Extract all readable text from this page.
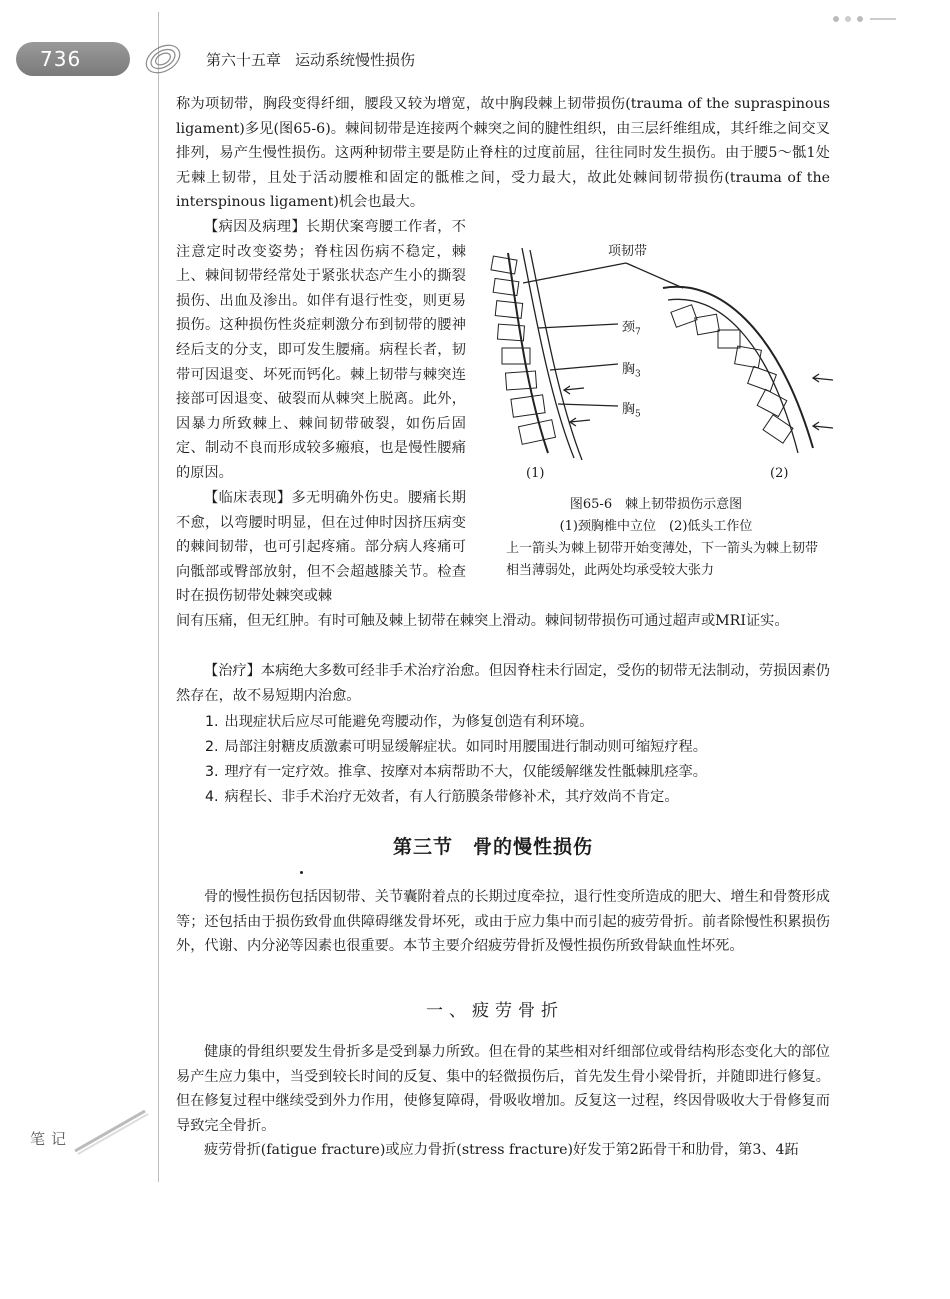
736	第六十五章 运动系统慢性损伤

称为项韧带，胸段变得纤细，腰段又较为增宽，故中胸段棘上韧带损伤(trauma of the supraspinous ligament)多见(图65-6)。棘间韧带是连接两个棘突之间的腱性组织，由三层纤维组成，其纤维之间交叉排列，易产生慢性损伤。这两种韧带主要是防止脊柱的过度前屈，往往同时发生损伤。由于腰5～骶1处无棘上韧带，且处于活动腰椎和固定的骶椎之间，受力最大，故此处棘间韧带损伤(trauma of the interspinous ligament)机会也最大。

【病因及病理】长期伏案弯腰工作者，不注意定时改变姿势；脊柱因伤病不稳定，棘上、棘间韧带经常处于紧张状态产生小的撕裂损伤、出血及渗出。如伴有退行性变，则更易损伤。这种损伤性炎症刺激分布到韧带的腰神经后支的分支，即可发生腰痛。病程长者，韧带可因退变、坏死而钙化。棘上韧带与棘突连接部可因退变、破裂而从棘突上脱离。此外，因暴力所致棘上、棘间韧带破裂，如伤后固定、制动不良而形成较多瘢痕，也是慢性腰痛的原因。

【临床表现】多无明确外伤史。腰痛长期不愈，以弯腰时明显，但在过伸时因挤压病变的棘间韧带，也可引起疼痛。部分病人疼痛可向骶部或臀部放射，但不会超越膝关节。检查时在损伤韧带处棘突或棘

间有压痛，但无红肿。有时可触及棘上韧带在棘突上滑动。棘间韧带损伤可通过超声或MRI证实。

【治疗】本病绝大多数可经非手术治疗治愈。但因脊柱未行固定，受伤的韧带无法制动，劳损因素仍然存在，故不易短期内治愈。

1. 出现症状后应尽可能避免弯腰动作，为修复创造有利环境。
2. 局部注射糖皮质激素可明显缓解症状。如同时用腰围进行制动则可缩短疗程。
3. 理疗有一定疗效。推拿、按摩对本病帮助不大，仅能缓解继发性骶棘肌痉挛。
4. 病程长、非手术治疗无效者，有人行筋膜条带修补术，其疗效尚不肯定。
项韧带
颈$_7$
胸$_3$
胸$_5$
(1)	(2)
图65-6　棘上韧带损伤示意图
(1)颈胸椎中立位　(2)低头工作位
上一箭头为棘上韧带开始变薄处，下一箭头为棘上韧带相当薄弱处，此两处均承受较大张力
第三节　骨的慢性损伤

骨的慢性损伤包括因韧带、关节囊附着点的长期过度牵拉，退行性变所造成的肥大、增生和骨赘形成等；还包括由于损伤致骨血供障碍继发骨坏死，或由于应力集中而引起的疲劳骨折。前者除慢性积累损伤外，代谢、内分泌等因素也很重要。本节主要介绍疲劳骨折及慢性损伤所致骨缺血性坏死。

一、疲劳骨折

健康的骨组织要发生骨折多是受到暴力所致。但在骨的某些相对纤细部位或骨结构形态变化大的部位易产生应力集中，当受到较长时间的反复、集中的轻微损伤后，首先发生骨小梁骨折，并随即进行修复。但在修复过程中继续受到外力作用，使修复障碍，骨吸收增加。反复这一过程，终因骨吸收大于骨修复而导致完全骨折。

疲劳骨折(fatigue fracture)或应力骨折(stress fracture)好发于第2跖骨干和肋骨，第3、4跖

笔记
